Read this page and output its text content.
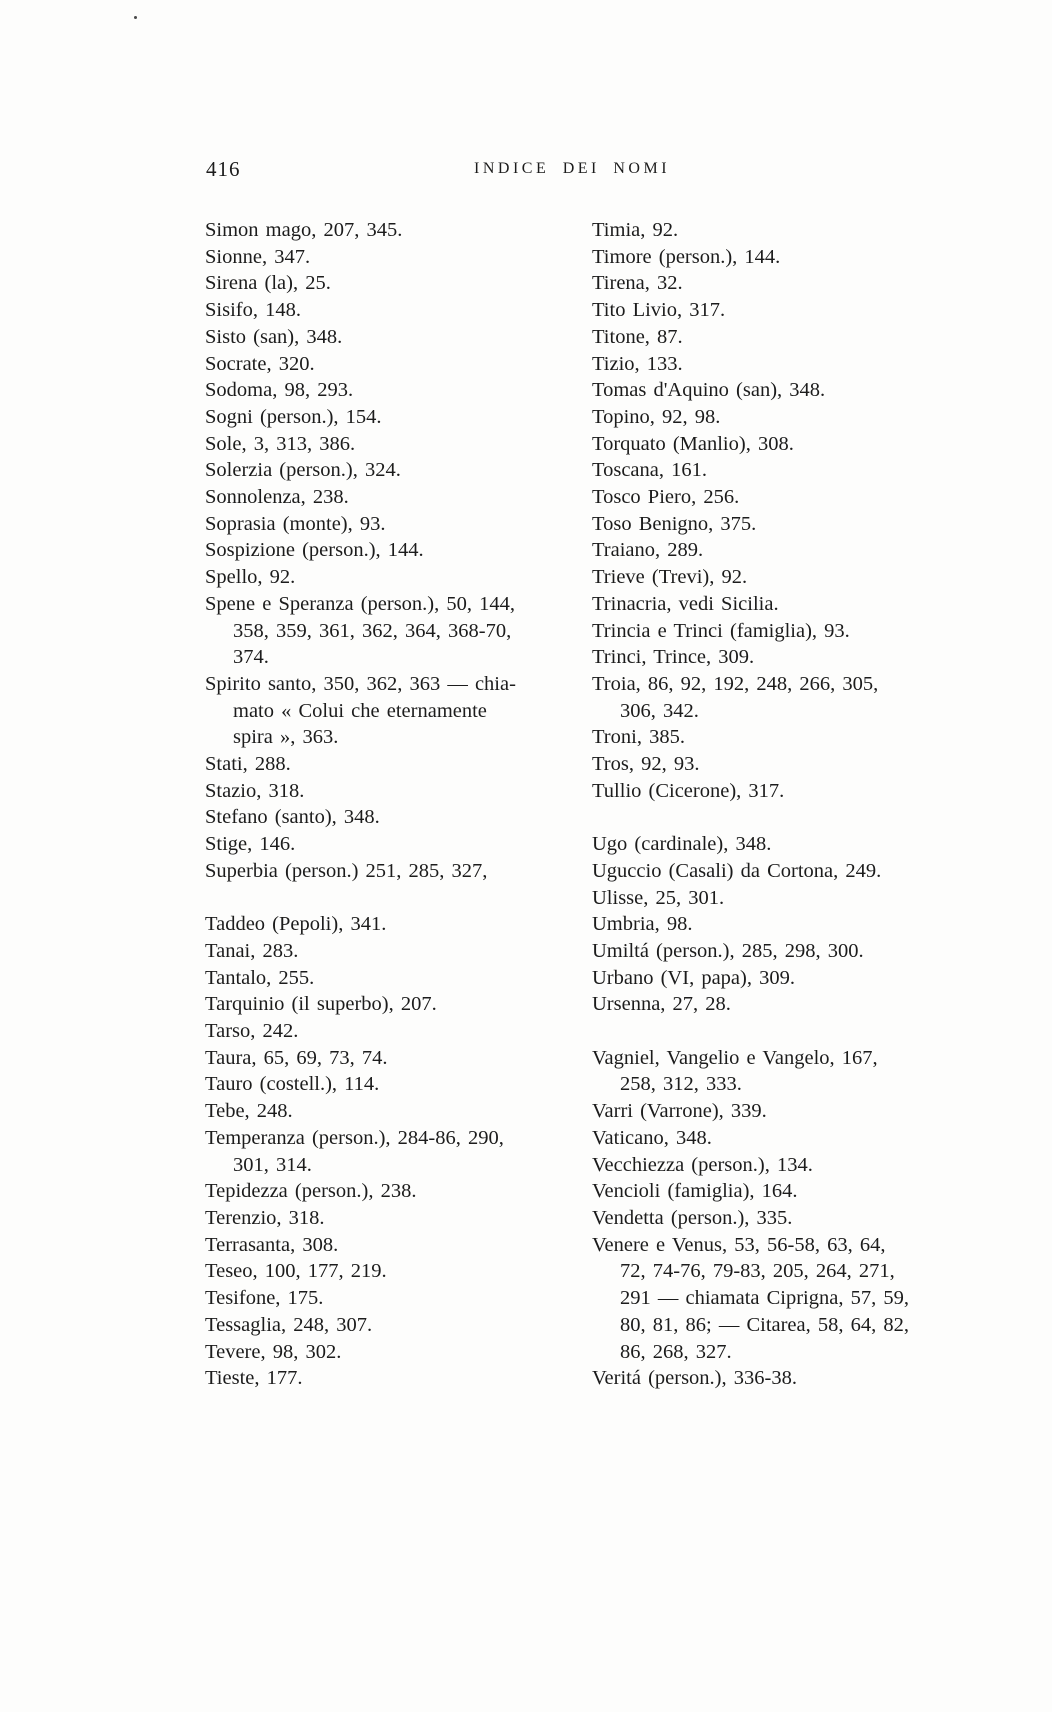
416	INDICE DEI NOMI
Simon mago, 207, 345.
Sionne, 347.
Sirena (la), 25.
Sisifo, 148.
Sisto (san), 348.
Socrate, 320.
Sodoma, 98, 293.
Sogni (person.), 154.
Sole, 3, 313, 386.
Solerzia (person.), 324.
Sonnolenza, 238.
Soprasia (monte), 93.
Sospizione (person.), 144.
Spello, 92.
Spene e Speranza (person.), 50, 144,
358, 359, 361, 362, 364, 368-70,
374.
Spirito santo, 350, 362, 363 — chia-
mato « Colui che eternamente
spira », 363.
Stati, 288.
Stazio, 318.
Stefano (santo), 348.
Stige, 146.
Superbia (person.) 251, 285, 327,
Taddeo (Pepoli), 341.
Tanai, 283.
Tantalo, 255.
Tarquinio (il superbo), 207.
Tarso, 242.
Taura, 65, 69, 73, 74.
Tauro (costell.), 114.
Tebe, 248.
Temperanza (person.), 284-86, 290,
301, 314.
Tepidezza (person.), 238.
Terenzio, 318.
Terrasanta, 308.
Teseo, 100, 177, 219.
Tesifone, 175.
Tessaglia, 248, 307.
Tevere, 98, 302.
Tieste, 177.
Timia, 92.
Timore (person.), 144.
Tirena, 32.
Tito Livio, 317.
Titone, 87.
Tizio, 133.
Tomas d'Aquino (san), 348.
Topino, 92, 98.
Torquato (Manlio), 308.
Toscana, 161.
Tosco Piero, 256.
Toso Benigno, 375.
Traiano, 289.
Trieve (Trevi), 92.
Trinacria, vedi Sicilia.
Trincia e Trinci (famiglia), 93.
Trinci, Trince, 309.
Troia, 86, 92, 192, 248, 266, 305,
306, 342.
Troni, 385.
Tros, 92, 93.
Tullio (Cicerone), 317.
Ugo (cardinale), 348.
Uguccio (Casali) da Cortona, 249.
Ulisse, 25, 301.
Umbria, 98.
Umiltá (person.), 285, 298, 300.
Urbano (VI, papa), 309.
Ursenna, 27, 28.
Vagniel, Vangelio e Vangelo, 167,
258, 312, 333.
Varri (Varrone), 339.
Vaticano, 348.
Vecchiezza (person.), 134.
Vencioli (famiglia), 164.
Vendetta (person.), 335.
Venere e Venus, 53, 56-58, 63, 64,
72, 74-76, 79-83, 205, 264, 271,
291 — chiamata Ciprigna, 57, 59,
80, 81, 86; — Citarea, 58, 64, 82,
86, 268, 327.
Veritá (person.), 336-38.
